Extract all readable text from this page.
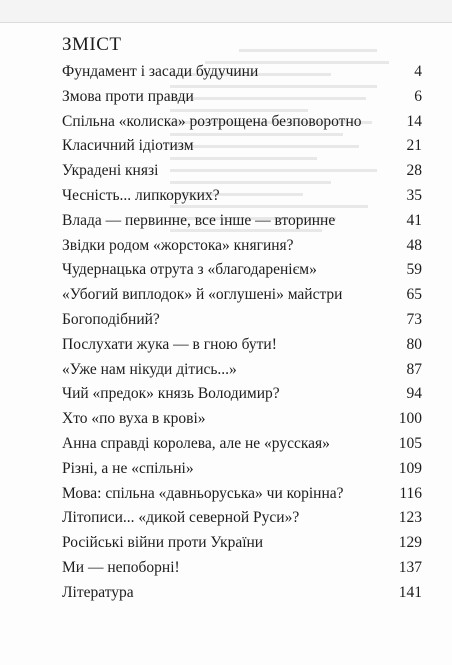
ЗМІСТ
Фундамент і засади будучини	4
Змова проти правди	6
Спільна «колиска» розтрощена безповоротно	14
Класичний ідіотизм	21
Украдені князі	28
Чесність... липкоруких?	35
Влада — первинне, все інше — вторинне	41
Звідки родом «жорстока» княгиня?	48
Чудернацька отрута з «благодаренієм»	59
«Убогий виплодок» й «оглушені» майстри	65
Богоподібний?	73
Послухати жука — в гною бути!	80
«Уже нам нікуди дітись...»	87
Чий «предок» князь Володимир?	94
Хто «по вуха в крові»	100
Анна справді королева, але не «русская»	105
Різні, а не «спільні»	109
Мова: спільна «давньоруська» чи корінна?	116
Літописи... «дикой северной Руси»?	123
Російські війни проти України	129
Ми — непоборні!	137
Література	141
